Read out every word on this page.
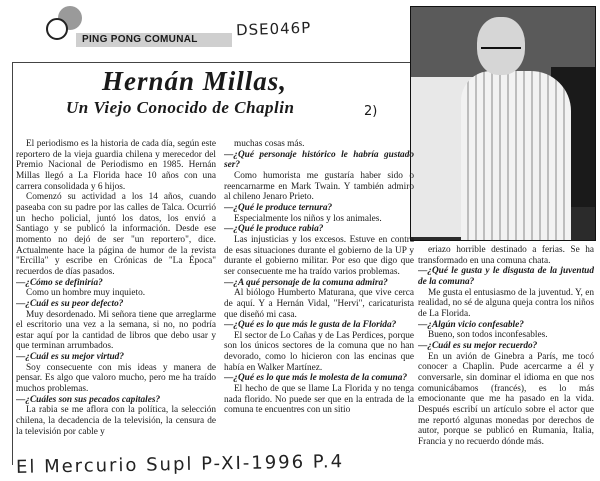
PING PONG COMUNAL
DSE046P
Hernán Millas,
Un Viejo Conocido de Chaplin	2)

El periodismo es la historia de cada día, según este reportero de la vieja guardia chilena y merecedor del Premio Nacional de Periodismo en 1985. Hernán Millas llegó a La Florida hace 10 años con una carrera consolidada y 6 hijos.

Comenzó su actividad a los 14 años, cuando paseaba con su padre por las calles de Talca. Ocurrió un hecho policial, juntó los datos, los envió a Santiago y se publicó la información. Desde ese momento no dejó de ser "un reportero", dice. Actualmente hace la página de humor de la revista "Ercilla" y escribe en Crónicas de "La Época" recuerdos de días pasados.

—¿Cómo se definiría?

Como un hombre muy inquieto.

—¿Cuál es su peor defecto?

Muy desordenado. Mi señora tiene que arreglarme el escritorio una vez a la semana, si no, no podría estar aquí por la cantidad de libros que debo usar y que terminan arrumbados.

—¿Cuál es su mejor virtud?

Soy consecuente con mis ideas y manera de pensar. Es algo que valoro mucho, pero me ha traído muchos problemas.

—¿Cuáles son sus pecados capitales?

La rabia se me aflora con la política, la selección chilena, la decadencia de la televisión, la censura de la televisión por cable y

muchas cosas más.

—¿Qué personaje histórico le habría gustado ser?

Como humorista me gustaría haber sido o reencarnarme en Mark Twain. Y también admiro al chileno Jenaro Prieto.

—¿Qué le produce ternura?

Especialmente los niños y los animales.

—¿Qué le produce rabia?

Las injusticias y los excesos. Estuve en contra de esas situaciones durante el gobierno de la UP y durante el gobierno militar. Por eso que digo que ser consecuente me ha traído varios problemas.

—¿A qué personaje de la comuna admira?

Al biólogo Humberto Maturana, que vive cerca de aquí. Y a Hernán Vidal, "Hervi", caricaturista que diseñó mi casa.

—¿Qué es lo que más le gusta de la Florida?

El sector de Lo Cañas y de Las Perdices, porque son los únicos sectores de la comuna que no han devorado, como lo hicieron con las encinas que había en Walker Martínez.

—¿Qué es lo que más le molesta de la comuna?

El hecho de que se llame La Florida y no tenga nada florido. No puede ser que en la entrada de la comuna te encuentres con un sitio

eriazo horrible destinado a ferias. Se ha transformado en una comuna chata.

—¿Qué le gusta y le disgusta de la juventud de la comuna?

Me gusta el entusiasmo de la juventud. Y, en realidad, no sé de alguna queja contra los niños de La Florida.

—¿Algún vicio confesable?

Bueno, son todos inconfesables.

—¿Cuál es su mejor recuerdo?

En un avión de Ginebra a París, me tocó conocer a Chaplin. Pude acercarme a él y conversarle, sin dominar el idioma en que nos comunicábamos (francés), es lo más emocionante que me ha pasado en la vida. Después escribí un artículo sobre el actor que me reportó algunas monedas por derechos de autor, porque se publicó en Rumania, Italia, Francia y no recuerdo dónde más.

El Mercurio Supl P-XI-1996 P.4
